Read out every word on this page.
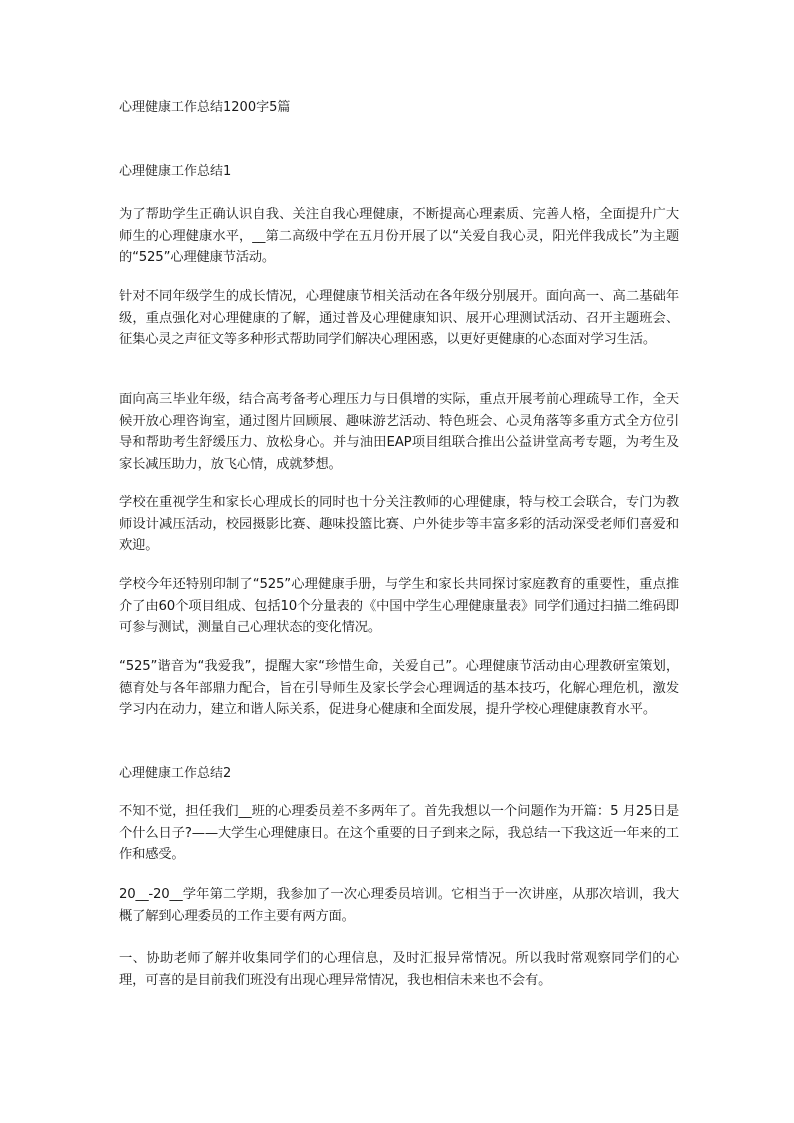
心理健康工作总结1200字5篇
心理健康工作总结1
为了帮助学生正确认识自我、关注自我心理健康，不断提高心理素质、完善人格，全面提升广大师生的心理健康水平，__第二高级中学在五月份开展了以“关爱自我心灵，阳光伴我成长”为主题的“525”心理健康节活动。
针对不同年级学生的成长情况，心理健康节相关活动在各年级分别展开。面向高一、高二基础年级，重点强化对心理健康的了解，通过普及心理健康知识、展开心理测试活动、召开主题班会、征集心灵之声征文等多种形式帮助同学们解决心理困惑，以更好更健康的心态面对学习生活。
面向高三毕业年级，结合高考备考心理压力与日俱增的实际，重点开展考前心理疏导工作，全天候开放心理咨询室，通过图片回顾展、趣味游艺活动、特色班会、心灵角落等多重方式全方位引导和帮助考生舒缓压力、放松身心。并与油田EAP项目组联合推出公益讲堂高考专题，为考生及家长减压助力，放飞心情，成就梦想。
学校在重视学生和家长心理成长的同时也十分关注教师的心理健康，特与校工会联合，专门为教师设计减压活动，校园摄影比赛、趣味投篮比赛、户外徒步等丰富多彩的活动深受老师们喜爱和欢迎。
学校今年还特别印制了“525”心理健康手册，与学生和家长共同探讨家庭教育的重要性，重点推介了由60个项目组成、包括10个分量表的《中国中学生心理健康量表》同学们通过扫描二维码即可参与测试，测量自己心理状态的变化情况。
“525”谐音为“我爱我”，提醒大家“珍惜生命，关爱自己”。心理健康节活动由心理教研室策划，德育处与各年部鼎力配合，旨在引导师生及家长学会心理调适的基本技巧，化解心理危机，激发学习内在动力，建立和谐人际关系，促进身心健康和全面发展，提升学校心理健康教育水平。
心理健康工作总结2
不知不觉，担任我们__班的心理委员差不多两年了。首先我想以一个问题作为开篇：5 月25日是个什么日子?——大学生心理健康日。在这个重要的日子到来之际，我总结一下我这近一年来的工作和感受。
20__-20__学年第二学期，我参加了一次心理委员培训。它相当于一次讲座，从那次培训，我大概了解到心理委员的工作主要有两方面。
一、协助老师了解并收集同学们的心理信息，及时汇报异常情况。所以我时常观察同学们的心理，可喜的是目前我们班没有出现心理异常情况，我也相信未来也不会有。
